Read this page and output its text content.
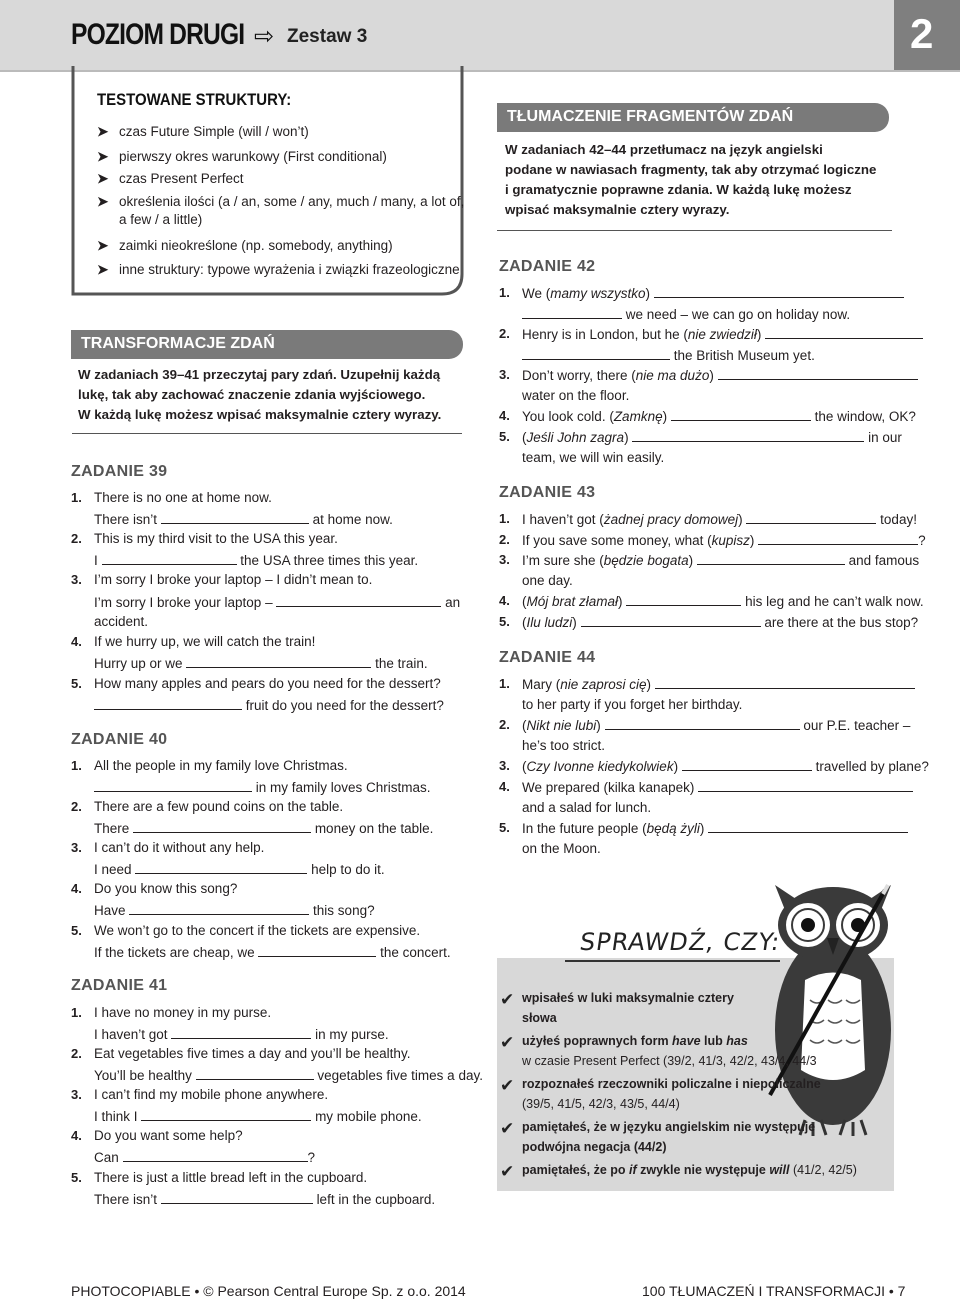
POZIOM DRUGI ⇨ Zestaw 3	2
TESTOWANE STRUKTURY:
➤ czas Future Simple (will / won’t)
➤ pierwszy okres warunkowy (First conditional)
➤ czas Present Perfect
➤ określenia ilości (a / an, some / any, much / many, a lot of,
a few / a little)
➤ zaimki nieokreślone (np. somebody, anything)
➤ inne struktury: typowe wyrażenia i związki frazeologiczne
TRANSFORMACJE ZDAŃ
W zadaniach 39–41 przeczytaj pary zdań. Uzupełnij każdą
lukę, tak aby zachować znaczenie zdania wyjściowego.
W każdą lukę możesz wpisać maksymalnie cztery wyrazy.
ZADANIE 39
1. There is no one at home now.
There isn’t	at home now.
2. This is my third visit to the USA this year.
I	the USA three times this year.
3. I’m sorry I broke your laptop – I didn’t mean to.
I’m sorry I broke your laptop –	an
accident.
4. If we hurry up, we will catch the train!
Hurry up or we	the train.
5. How many apples and pears do you need for the dessert?
fruit do you need for the dessert?
ZADANIE 40
1. All the people in my family love Christmas.
in my family loves Christmas.
2. There are a few pound coins on the table.
There	money on the table.
3. I can’t do it without any help.
I need	help to do it.
4. Do you know this song?
Have	this song?
5. We won’t go to the concert if the tickets are expensive.
If the tickets are cheap, we	the concert.
ZADANIE 41
1. I have no money in my purse.
I haven’t got	in my purse.
2. Eat vegetables five times a day and you’ll be healthy.
You’ll be healthy	vegetables five times a day.
3. I can’t find my mobile phone anywhere.
I think I	my mobile phone.
4. Do you want some help?
Can	?
5. There is just a little bread left in the cupboard.
There isn’t	left in the cupboard.
TŁUMACZENIE FRAGMENTÓW ZDAŃ
W zadaniach 42–44 przetłumacz na język angielski
podane w nawiasach fragmenty, tak aby otrzymać logiczne
i gramatycznie poprawne zdania. W każdą lukę możesz
wpisać maksymalnie cztery wyrazy.
ZADANIE 42
1. We (mamy wszystko)
we need – we can go on holiday now.
2. Henry is in London, but he (nie zwiedził)
the British Museum yet.
3. Don’t worry, there (nie ma dużo)
water on the floor.
4. You look cold. (Zamknę)	the window, OK?
5. (Jeśli John zagra)	in our
team, we will win easily.
ZADANIE 43
1. I haven’t got (żadnej pracy domowej)	today!
2. If you save some money, what (kupisz)	?
3. I’m sure she (będzie bogata)	and famous
one day.
4. (Mój brat złamał)	his leg and he can’t walk now.
5. (Ilu ludzi)	are there at the bus stop?
ZADANIE 44
1. Mary (nie zaprosi cię)
to her party if you forget her birthday.
2. (Nikt nie lubi)	our P.E. teacher –
he’s too strict.
3. (Czy Ivonne kiedykolwiek)	travelled by plane?
4. We prepared (kilka kanapek)
and a salad for lunch.
5. In the future people (będą żyli)
on the Moon.
SPRAWDŹ, CZY:
✔ wpisałeś w luki maksymalnie cztery
słowa
✔ użyłeś poprawnych form have lub has
w czasie Present Perfect (39/2, 41/3, 42/2, 43/4, 44/3
✔ rozpoznałeś rzeczowniki policzalne i niepoliczalne
(39/5, 41/5, 42/3, 43/5, 44/4)
✔ pamiętałeś, że w języku angielskim nie występuje
podwójna negacja (44/2)
✔ pamiętałeś, że po if zwykle nie występuje will (41/2, 42/5)
PHOTOCOPIABLE • © Pearson Central Europe Sp. z o.o. 2014	100 TŁUMACZEŃ I TRANSFORMACJI • 7
